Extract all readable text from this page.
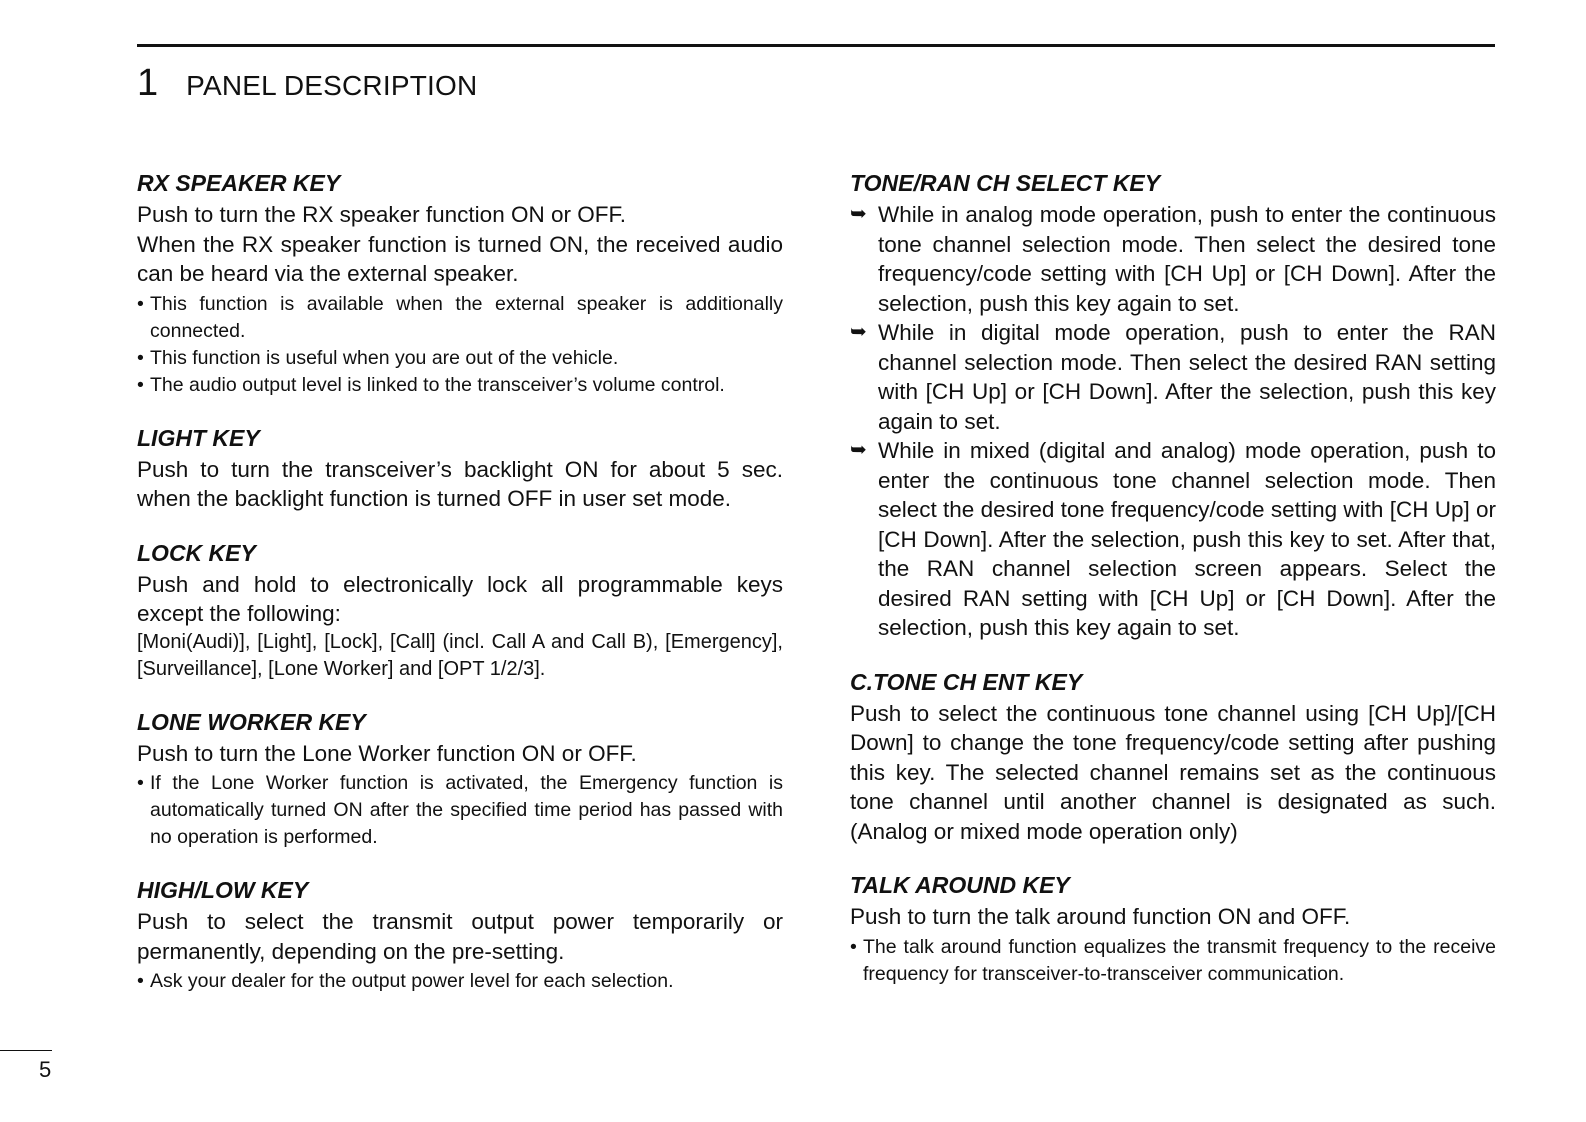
1 PANEL DESCRIPTION
RX SPEAKER KEY

Push to turn the RX speaker function ON or OFF.

When the RX speaker function is turned ON, the received audio can be heard via the external speaker.

• This function is available when the external speaker is additionally connected.
• This function is useful when you are out of the vehicle.
• The audio output level is linked to the transceiver’s volume control.
LIGHT KEY

Push to turn the transceiver’s backlight ON for about 5 sec. when the backlight function is turned OFF in user set mode.

LOCK KEY

Push and hold to electronically lock all programmable keys except the following:

[Moni(Audi)], [Light], [Lock], [Call] (incl. Call A and Call B), [Emergency], [Surveillance], [Lone Worker] and [OPT 1/2/3].

LONE WORKER KEY

Push to turn the Lone Worker function ON or OFF.

• If the Lone Worker function is activated, the Emergency function is automatically turned ON after the specified time period has passed with no operation is performed.
HIGH/LOW KEY

Push to select the transmit output power temporarily or permanently, depending on the pre-setting.

• Ask your dealer for the output power level for each selection.
TONE/RAN CH SELECT KEY
➥ While in analog mode operation, push to enter the continuous tone channel selection mode. Then select the desired tone frequency/code setting with [CH Up] or [CH Down]. After the selection, push this key again to set.
➥ While in digital mode operation, push to enter the RAN channel selection mode. Then select the desired RAN setting with [CH Up] or [CH Down]. After the selection, push this key again to set.
➥ While in mixed (digital and analog) mode operation, push to enter the continuous tone channel selection mode. Then select the desired tone frequency/code setting with [CH Up] or [CH Down]. After the selection, push this key to set. After that, the RAN channel selection screen appears. Select the desired RAN setting with [CH Up] or [CH Down]. After the selection, push this key again to set.
C.TONE CH ENT KEY

Push to select the continuous tone channel using [CH Up]/[CH Down] to change the tone frequency/code setting after pushing this key. The selected channel remains set as the continuous tone channel until another channel is designated as such. (Analog or mixed mode operation only)

TALK AROUND KEY

Push to turn the talk around function ON and OFF.

• The talk around function equalizes the transmit frequency to the receive frequency for transceiver-to-transceiver communication.
5
